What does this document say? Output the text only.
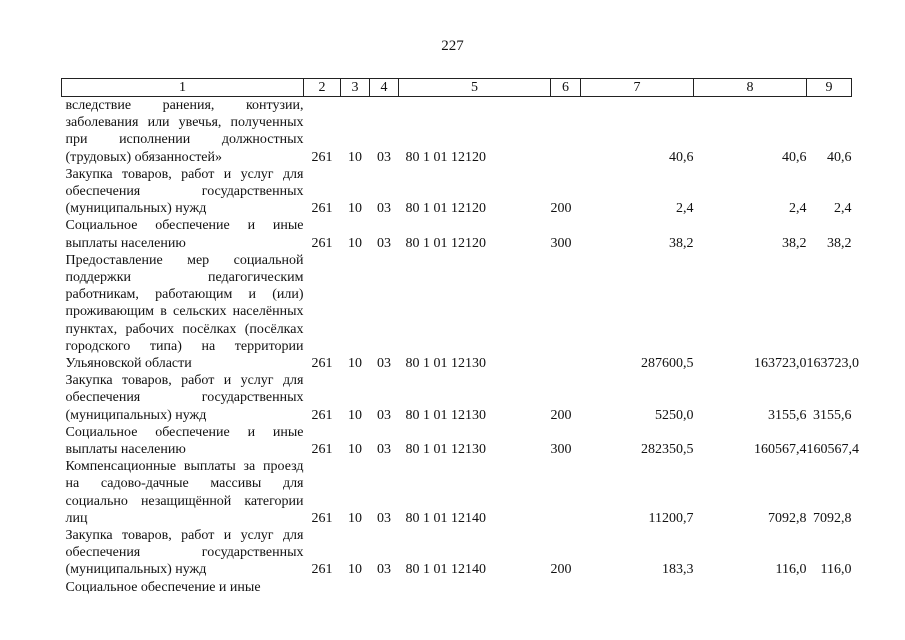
227
1	2	3	4	5	6	7	8	9
вследствие ранения, контузии, заболевания или увечья, полученных при исполнении должностных (трудовых) обязанностей»	261	10	03	80 1 01 12120		40,6	40,6	40,6
Закупка товаров, работ и услуг для обеспечения государственных (муниципальных) нужд	261	10	03	80 1 01 12120	200	2,4	2,4	2,4
Социальное обеспечение и иные выплаты населению	261	10	03	80 1 01 12120	300	38,2	38,2	38,2
Предоставление мер социальной поддержки педагогическим работникам, работающим и (или) проживающим в сельских населённых пунктах, рабочих посёлках (посёлках городского типа) на территории Ульяновской области	261	10	03	80 1 01 12130		287600,5	163723,0	163723,0
Закупка товаров, работ и услуг для обеспечения государственных (муниципальных) нужд	261	10	03	80 1 01 12130	200	5250,0	3155,6	3155,6
Социальное обеспечение и иные выплаты населению	261	10	03	80 1 01 12130	300	282350,5	160567,4	160567,4
Компенсационные выплаты за проезд на садово-дачные массивы для социально незащищённой категории лиц	261	10	03	80 1 01 12140		11200,7	7092,8	7092,8
Закупка товаров, работ и услуг для обеспечения государственных (муниципальных) нужд	261	10	03	80 1 01 12140	200	183,3	116,0	116,0
Социальное обеспечение и иные								
